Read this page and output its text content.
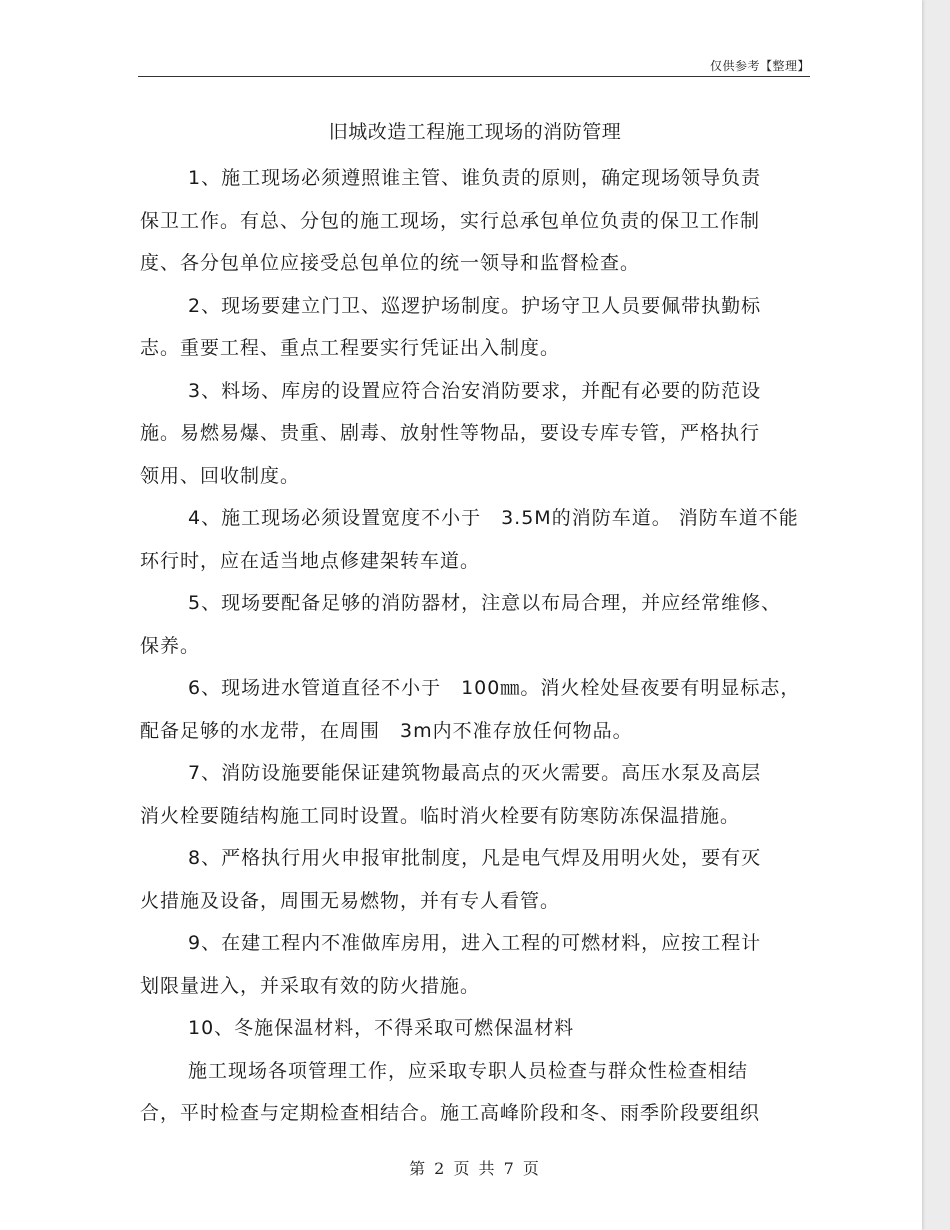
仅供参考【整理】
旧城改造工程施工现场的消防管理
1、施工现场必须遵照谁主管、谁负责的原则，确定现场领导负责
保卫工作。有总、分包的施工现场，实行总承包单位负责的保卫工作制
度、各分包单位应接受总包单位的统一领导和监督检查。
2、现场要建立门卫、巡逻护场制度。护场守卫人员要佩带执勤标
志。重要工程、重点工程要实行凭证出入制度。
3、料场、库房的设置应符合治安消防要求，并配有必要的防范设
施。易燃易爆、贵重、剧毒、放射性等物品，要设专库专管，严格执行
领用、回收制度。
4、施工现场必须设置宽度不小于　3.5M的消防车道。 消防车道不能
环行时，应在适当地点修建架转车道。
5、现场要配备足够的消防器材，注意以布局合理，并应经常维修、
保养。
6、现场进水管道直径不小于　100㎜。消火栓处昼夜要有明显标志，
配备足够的水龙带，在周围　3m内不准存放任何物品。
7、消防设施要能保证建筑物最高点的灭火需要。高压水泵及高层
消火栓要随结构施工同时设置。临时消火栓要有防寒防冻保温措施。
8、严格执行用火申报审批制度，凡是电气焊及用明火处，要有灭
火措施及设备，周围无易燃物，并有专人看管。
9、在建工程内不准做库房用，进入工程的可燃材料，应按工程计
划限量进入，并采取有效的防火措施。
10、冬施保温材料，不得采取可燃保温材料
施工现场各项管理工作，应采取专职人员检查与群众性检查相结
合，平时检查与定期检查相结合。施工高峰阶段和冬、雨季阶段要组织
第 2 页 共 7 页
